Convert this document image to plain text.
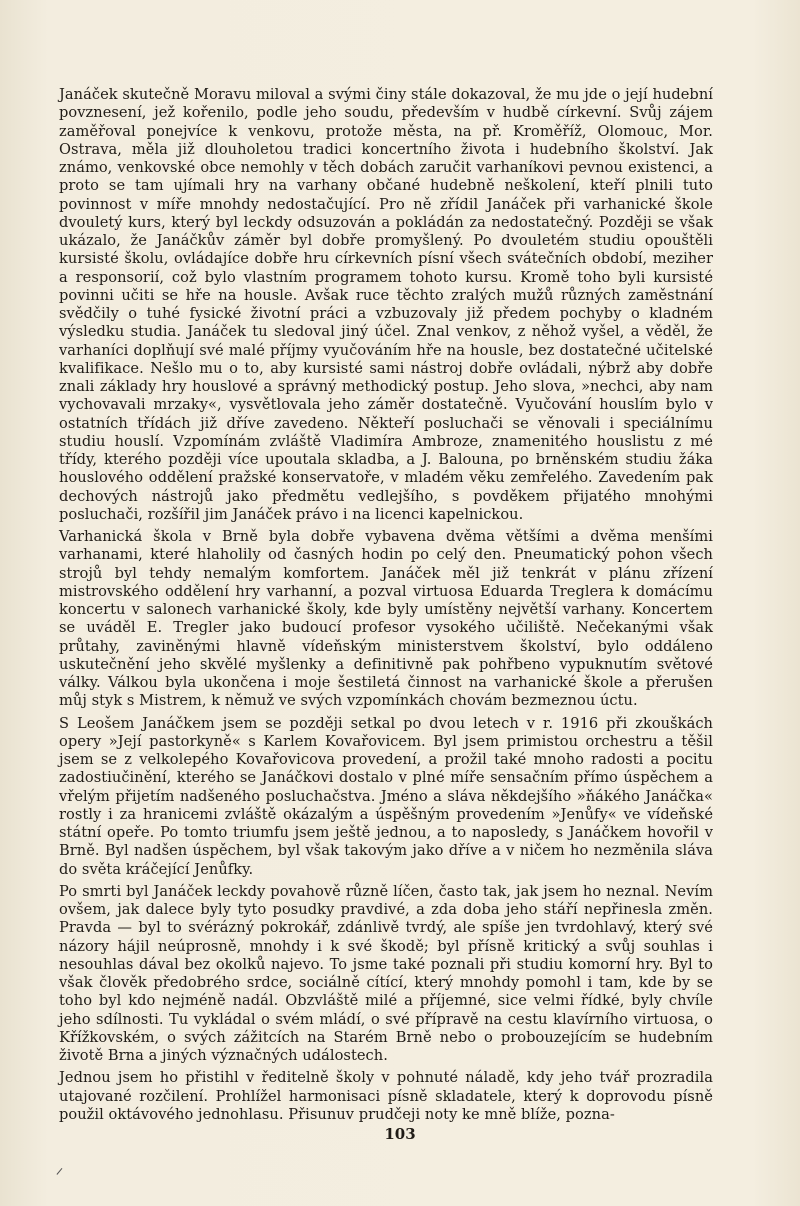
Janáček skutečně Moravu miloval a svými činy stále dokazoval, že mu jde o její hudební povznesení, jež kořenilo, podle jeho soudu, především v hudbě církevní. Svůj zájem zaměřoval ponejvíce k venkovu, protože města, na př. Kroměříž, Olomouc, Mor. Ostrava, měla již dlouholetou tradici koncertního života i hudebního školství. Jak známo, venkovské obce nemohly v těch dobách zaručit varhaníkovi pevnou existenci, a proto se tam ujímali hry na varhany občané hudebně neškolení, kteří plnili tuto povinnost v míře mnohdy nedostačující. Pro ně zřídil Janáček při varhanické škole dvouletý kurs, který byl leckdy odsuzován a pokládán za nedostatečný. Později se však ukázalo, že Janáčkův záměr byl dobře promyšlený. Po dvouletém studiu opouštěli kursisté školu, ovládajíce dobře hru církevních písní všech svátečních období, meziher a responsorií, což bylo vlastním programem tohoto kursu. Kromě toho byli kursisté povinni učiti se hře na housle. Avšak ruce těchto zralých mužů různých zaměstnání svědčily o tuhé fysické životní práci a vzbuzovaly již předem pochyby o kladném výsledku studia. Janáček tu sledoval jiný účel. Znal venkov, z něhož vyšel, a věděl, že varhaníci doplňují své malé příjmy vyučováním hře na housle, bez dostatečné učitelské kvalifikace. Nešlo mu o to, aby kursisté sami nástroj dobře ovládali, nýbrž aby dobře znali základy hry houslové a správný methodický postup. Jeho slova, »nechci, aby nam vychovavali mrzaky«, vysvětlovala jeho záměr dostatečně. Vyučování houslím bylo v ostatních třídách již dříve zavedeno. Někteří posluchači se věnovali i speciálnímu studiu houslí. Vzpomínám zvláště Vladimíra Ambroze, znamenitého houslistu z mé třídy, kterého později více upoutala skladba, a J. Balouna, po brněnském studiu žáka houslového oddělení pražské konservatoře, v mladém věku zemřelého. Zavedením pak dechových nástrojů jako předmětu vedlejšího, s povděkem přijatého mnohými posluchači, rozšířil jim Janáček právo i na licenci kapelnickou.

Varhanická škola v Brně byla dobře vybavena dvěma většími a dvěma menšími varhanami, které hlaholily od časných hodin po celý den. Pneumatický pohon všech strojů byl tehdy nemalým komfortem. Janáček měl již tenkrát v plánu zřízení mistrovského oddělení hry varhanní, a pozval virtuosa Eduarda Treglera k domácímu koncertu v salonech varhanické školy, kde byly umístěny největší varhany. Koncertem se uváděl E. Tregler jako budoucí profesor vysokého učiliště. Nečekanými však průtahy, zaviněnými hlavně vídeňským ministerstvem školství, bylo oddáleno uskutečnění jeho skvělé myšlenky a definitivně pak pohřbeno vypuknutím světové války. Válkou byla ukončena i moje šestiletá činnost na varhanické škole a přerušen můj styk s Mistrem, k němuž ve svých vzpomínkách chovám bezmeznou úctu.

S Leošem Janáčkem jsem se později setkal po dvou letech v r. 1916 při zkouškách opery »Její pastorkyně« s Karlem Kovařovicem. Byl jsem primistou orchestru a těšil jsem se z velkolepého Kovařovicova provedení, a prožil také mnoho radosti a pocitu zadostiučinění, kterého se Janáčkovi dostalo v plné míře sensačním přímo úspěchem a vřelým přijetím nadšeného posluchačstva. Jméno a sláva někdejšího »ňákého Janáčka« rostly i za hranicemi zvláště okázalým a úspěšným provedením »Jenůfy« ve vídeňské státní opeře. Po tomto triumfu jsem ještě jednou, a to naposledy, s Janáčkem hovořil v Brně. Byl nadšen úspěchem, byl však takovým jako dříve a v ničem ho nezměnila sláva do světa kráčející Jenůfky.

Po smrti byl Janáček leckdy povahově různě líčen, často tak, jak jsem ho neznal. Nevím ovšem, jak dalece byly tyto posudky pravdivé, a zda doba jeho stáří nepřinesla změn. Pravda — byl to svérázný pokrokář, zdánlivě tvrdý, ale spíše jen tvrdohlavý, který své názory hájil neúprosně, mnohdy i k své škodě; byl přísně kritický a svůj souhlas i nesouhlas dával bez okolků najevo. To jsme také poznali při studiu komorní hry. Byl to však člověk předobrého srdce, sociálně cítící, který mnohdy pomohl i tam, kde by se toho byl kdo nejméně nadál. Obzvláště milé a příjemné, sice velmi řídké, byly chvíle jeho sdílnosti. Tu vykládal o svém mládí, o své přípravě na cestu klavírního virtuosa, o Křížkovském, o svých zážitcích na Starém Brně nebo o probouzejícím se hudebním životě Brna a jiných význačných událostech.

Jednou jsem ho přistihl v ředitelně školy v pohnuté náladě, kdy jeho tvář prozradila utajované rozčilení. Prohlížel harmonisaci písně skladatele, který k doprovodu písně použil oktávového jednohlasu. Přisunuv prudčeji noty ke mně blíže, pozna-

103
